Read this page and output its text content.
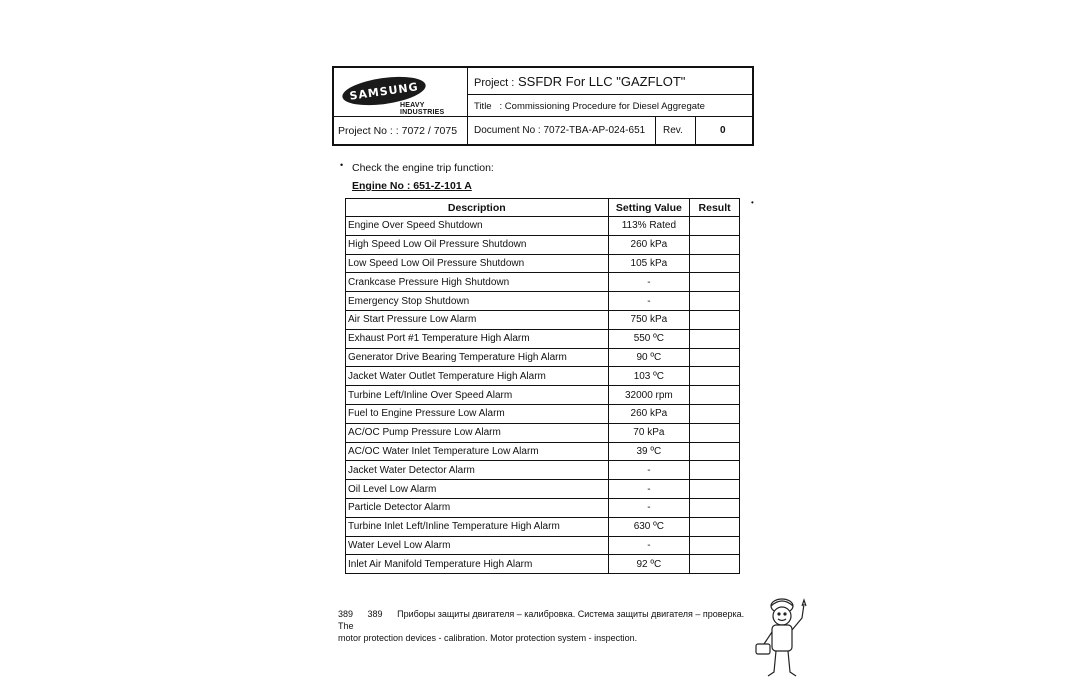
SAMSUNG
HEAVY INDUSTRIES
Project : SSFDR For LLC "GAZFLOT"
Title : Commissioning Procedure for Diesel Aggregate
Project No : : 7072 / 7075	Document No : 7072-TBA-AP-024-651	Rev.	0
• Check the engine trip function:
Engine No : 651-Z-101 A
•
Description	Setting Value	Result
Engine Over Speed Shutdown	113% Rated	
High Speed Low Oil Pressure Shutdown	260 kPa	
Low Speed Low Oil Pressure Shutdown	105 kPa	
Crankcase Pressure High Shutdown	-	
Emergency Stop Shutdown	-	
Air Start Pressure Low Alarm	750 kPa	
Exhaust Port #1 Temperature High Alarm	550 ºC	
Generator Drive Bearing Temperature High Alarm	90 ºC	
Jacket Water Outlet Temperature High Alarm	103 ºC	
Turbine Left/Inline Over Speed Alarm	32000 rpm	
Fuel to Engine Pressure Low Alarm	260 kPa	
AC/OC Pump Pressure Low Alarm	70 kPa	
AC/OC Water Inlet Temperature Low Alarm	39 ºC	
Jacket Water Detector Alarm	-	
Oil Level Low Alarm	-	
Particle Detector Alarm	-	
Turbine Inlet Left/Inline Temperature High Alarm	630 ºC	
Water Level Low Alarm	-	
Inlet Air Manifold Temperature High Alarm	92 ºC	
389 389 Приборы защиты двигателя – калибровка. Система защиты двигателя – проверка. The
motor protection devices - calibration. Motor protection system - inspection.
